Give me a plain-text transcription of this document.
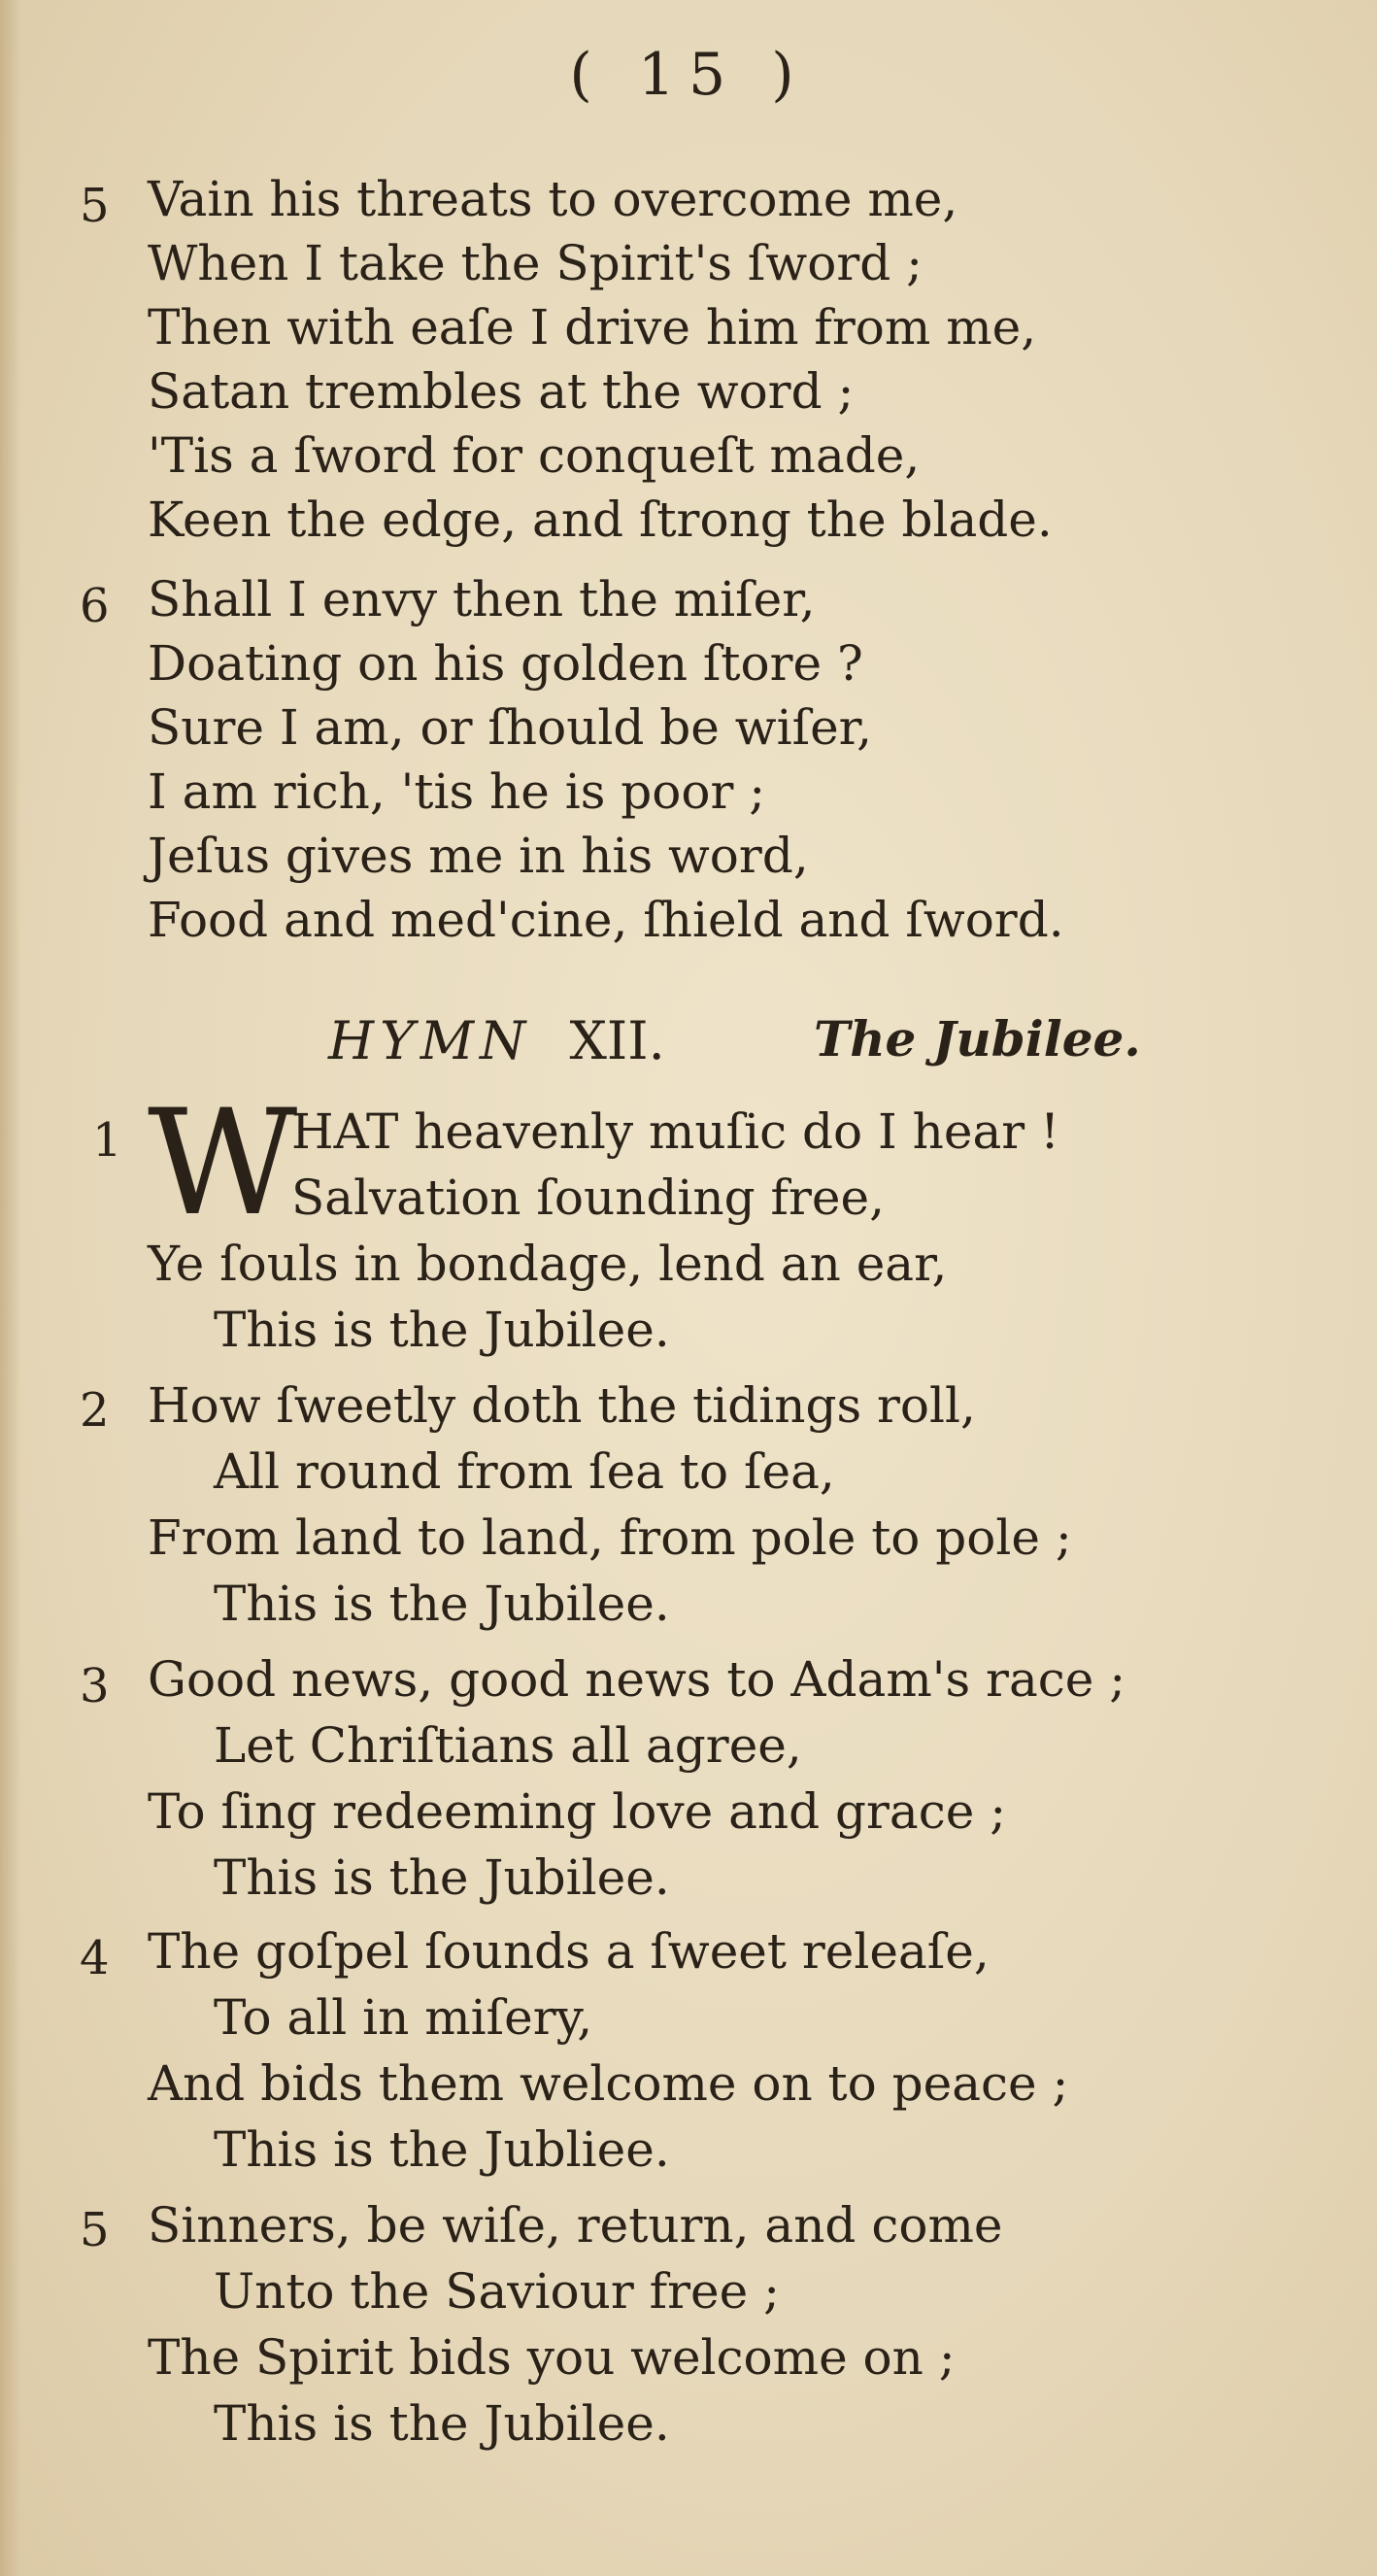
( 15 )
5 Vain his threats to overcome me,
When I take the Spirit's ſword ;
Then with eaſe I drive him from me,
Satan trembles at the word ;
'Tis a ſword for conqueſt made,
Keen the edge, and ſtrong the blade.
6 Shall I envy then the miſer,
Doating on his golden ſtore ?
Sure I am, or ſhould be wiſer,
I am rich, 'tis he is poor ;
Jeſus gives me in his word,
Food and med'cine, ſhield and ſword.
HYMN XII.	The Jubilee.
1 W
HAT heavenly muſic do I hear !
Salvation ſounding free,
Ye ſouls in bondage, lend an ear,
This is the Jubilee.
2 How ſweetly doth the tidings roll,
All round from ſea to ſea,
From land to land, from pole to pole ;
This is the Jubilee.
3 Good news, good news to Adam's race ;
Let Chriſtians all agree,
To ſing redeeming love and grace ;
This is the Jubilee.
4 The goſpel ſounds a ſweet releaſe,
To all in miſery,
And bids them welcome on to peace ;
This is the Jubliee.
5 Sinners, be wiſe, return, and come
Unto the Saviour free ;
The Spirit bids you welcome on ;
This is the Jubilee.
